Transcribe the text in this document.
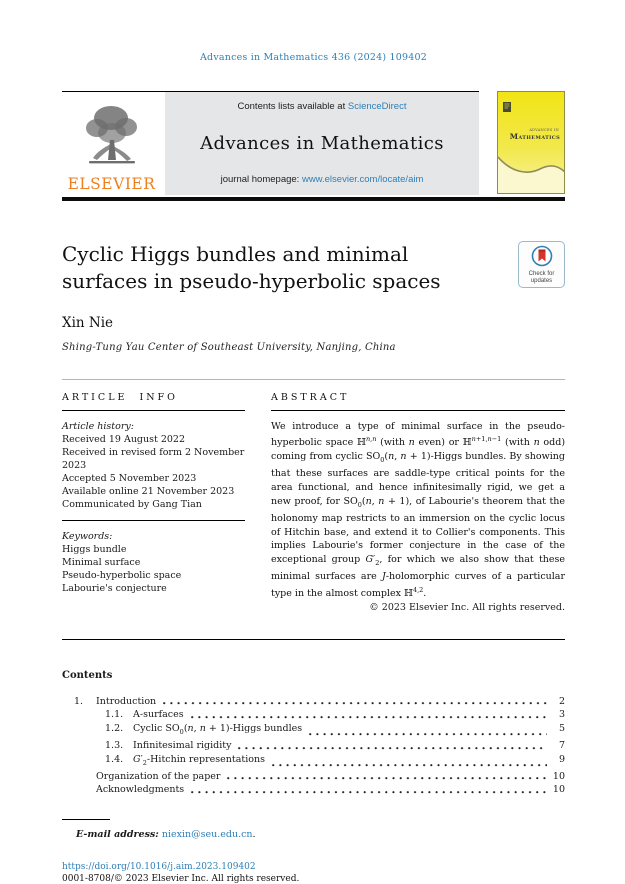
Advances in Mathematics 436 (2024) 109402
ELSEVIER
Contents lists available at ScienceDirect
Advances in Mathematics
journal homepage: www.elsevier.com/locate/aim
ADVANCES IN
Mathematics
Cyclic Higgs bundles and minimal surfaces in pseudo-hyperbolic spaces	Check for
updates
Xin Nie
Shing-Tung Yau Center of Southeast University, Nanjing, China
ARTICLE INFO
Article history:
Received 19 August 2022
Received in revised form 2 November 2023
Accepted 5 November 2023
Available online 21 November 2023
Communicated by Gang Tian
Keywords:
Higgs bundle
Minimal surface
Pseudo-hyperbolic space
Labourie's conjecture
ABSTRACT
We introduce a type of minimal surface in the pseudo-hyperbolic space ℍ$^{n,n}$ (with n even) or ℍ$^{n+1,n-1}$ (with n odd) coming from cyclic $SO_0(n$, n + 1)-Higgs bundles. By showing that these surfaces are saddle-type critical points for the area functional, and hence infinitesimally rigid, we get a new proof, for $SO_0(n$, n + 1), of Labourie's theorem that the holonomy map restricts to an immersion on the cyclic locus of Hitchin base, and extend it to Collier's components. This implies Labourie's former conjecture in the case of the exceptional group $G'_2$, for which we also show that these minimal surfaces are J-holomorphic curves of a particular type in the almost complex ℍ$^{4,2}$.
© 2023 Elsevier Inc. All rights reserved.
Contents
1.	Introduction	2
1.1.	A-surfaces	3
1.2.	Cyclic $SO_0(n$, n + 1)-Higgs bundles	5
1.3.	Infinitesimal rigidity	7
1.4.	$G'_2$-Hitchin representations	9
Organization of the paper	10
Acknowledgments	10
E-mail address: niexin@seu.edu.cn.
https://doi.org/10.1016/j.aim.2023.109402
0001-8708/© 2023 Elsevier Inc. All rights reserved.
